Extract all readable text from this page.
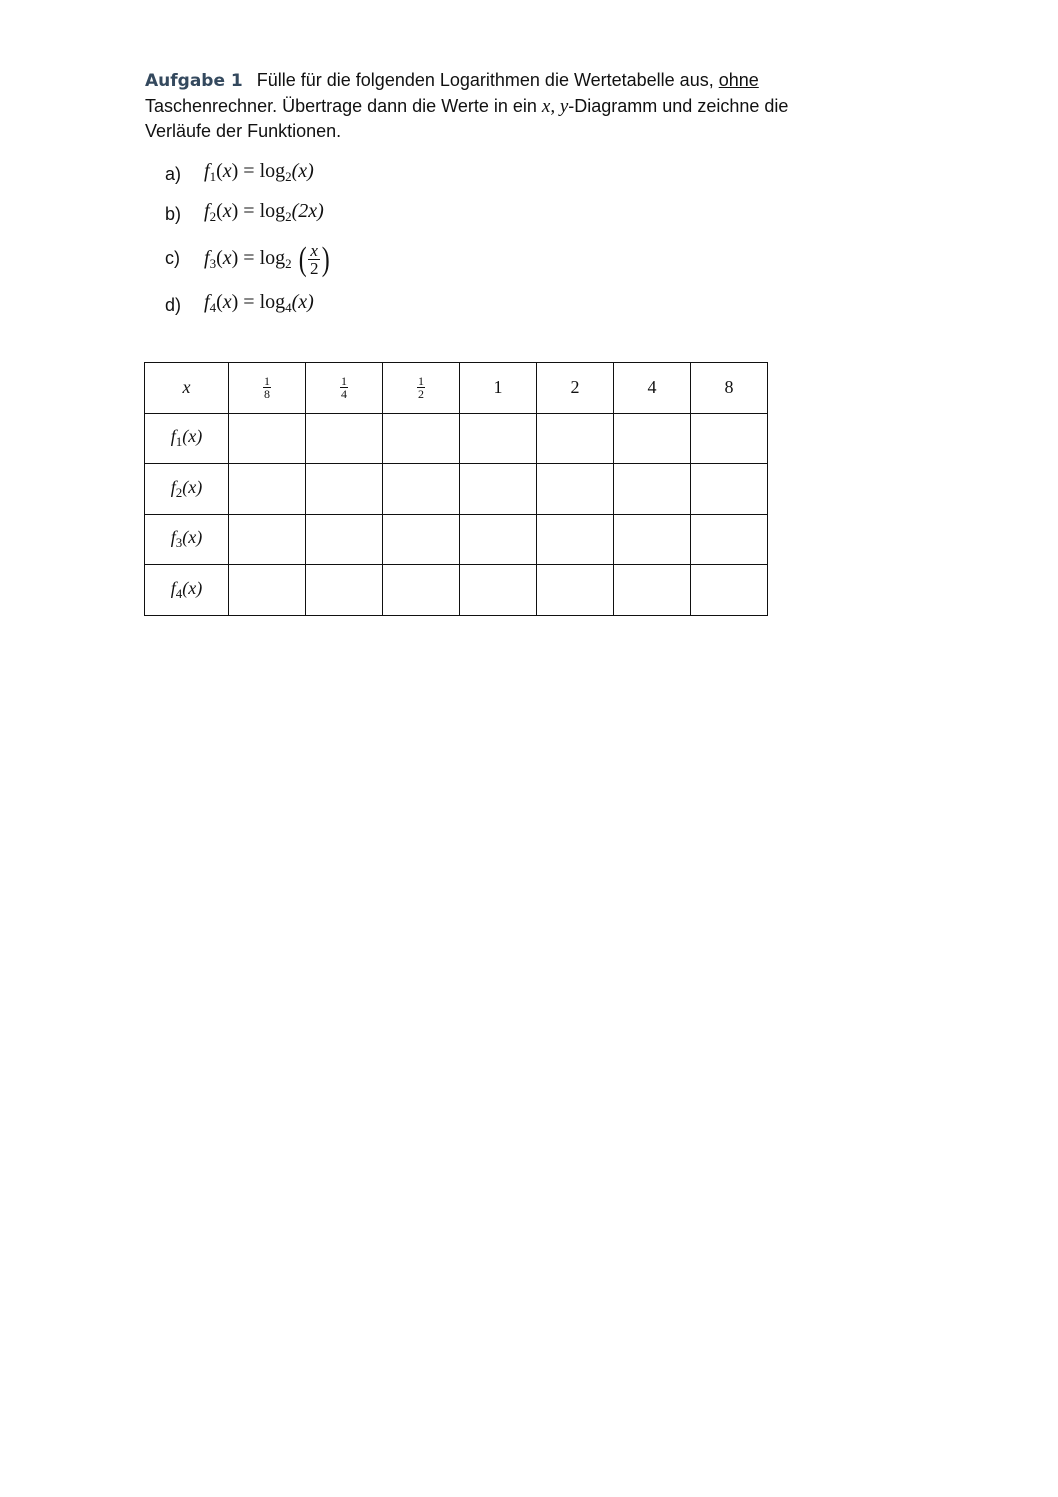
Aufgabe 1 Fülle für die folgenden Logarithmen die Wertetabelle aus, ohne Taschenrechner. Übertrage dann die Werte in ein x, y-Diagramm und zeichne die Verläufe der Funktionen.
a)	$f_1(x) = \log_2(x)$
b)	$f_2(x) = \log_2(2x)$
c)	$f_3(x) = \log_2$ ( $\frac{x}{2}$ )
d)	$f_4(x) = \log_4(x)$
x	$\frac{1}{8}$	$\frac{1}{4}$	$\frac{1}{2}$	1	2	4	8
$f_1(x)$							
$f_2(x)$							
$f_3(x)$							
$f_4(x)$							
